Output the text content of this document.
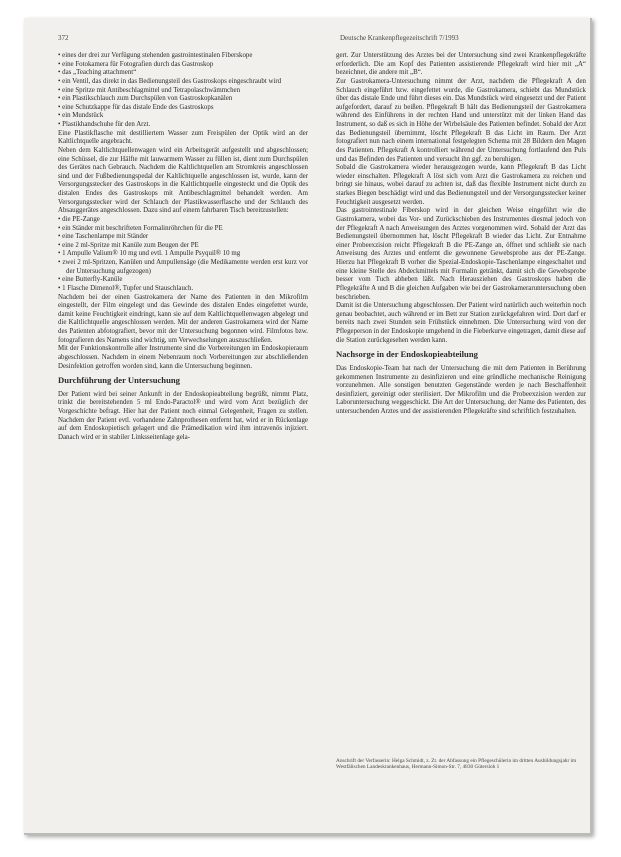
372	Deutsche Krankenpflegezeitschrift 7/1993

• eines der drei zur Verfügung stehenden gastrointestinalen Fiberskope

• eine Fotokamera für Fotografien durch das Gastroskop

• das „Teaching attachment“

• ein Ventil, das direkt in das Bedienungsteil des Gastroskops eingeschraubt wird

• eine Spritze mit Antibeschlagmittel und Tetrapolaschwämmchen

• ein Plastikschlauch zum Durchspülen von Gastroskopkanälen

• eine Schutzkappe für das distale Ende des Gastroskops

• ein Mundstück

• Plastikhandschuhe für den Arzt.

Eine Plastikflasche mit destilliertem Wasser zum Freispülen der Optik wird an der Kaltlichtquelle angebracht.

Neben dem Kaltlichtquellenwagen wird ein Arbeitsgerät aufgestellt und abgeschlossen; eine Schüssel, die zur Hälfte mit lauwarmem Wasser zu füllen ist, dient zum Durchspülen des Gerätes nach Gebrauch. Nachdem die Kaltlichtquellen am Stromkreis angeschlossen sind und der Fußbedienungspedal der Kaltlichtquelle angeschlossen ist, wurde, kann der Versorgungsstecker des Gastroskops in die Kaltlichtquelle eingesteckt und die Optik des distalen Endes des Gastroskops mit Antibeschlagmittel behandelt werden. Am Versorgungsstecker wird der Schlauch der Plastikwasserflasche und der Schlauch des Absauggerätes angeschlossen. Dazu sind auf einem fahrbaren Tisch bereitzustellen:

• die PE-Zange

• ein Ständer mit beschrifteten Formalinröhrchen für die PE

• eine Taschenlampe mit Ständer

• eine 2 ml-Spritze mit Kanüle zum Beugen der PE

• 1 Ampulle Valium® 10 mg und evtl. 1 Ampulle Psyquil® 10 mg

• zwei 2 ml-Spritzen, Kanülen und Ampullensäge (die Medikamente werden erst kurz vor der Untersuchung aufgezogen)

• eine Butterfly-Kanüle

• 1 Flasche Dimenol®, Tupfer und Stauschlauch.

Nachdem bei der einen Gastrokamera der Name des Patienten in den Mikrofilm eingestellt, der Film eingelegt und das Gewinde des distalen Endes eingefettet wurde, damit keine Feuchtigkeit eindringt, kann sie auf dem Kaltlichtquellenwagen abgelegt und die Kaltlichtquelle angeschlossen werden. Mit der anderen Gastrokamera wird der Name des Patienten abfotografiert, bevor mit der Untersuchung begonnen wird. Filmfotos bzw. fotografieren des Namens sind wichtig, um Verwechselungen auszuschließen.

Mit der Funktionskontrolle aller Instrumente sind die Vorbereitungen im Endoskopieraum abgeschlossen. Nachdem in einem Nebenraum noch Vorbereitungen zur abschließenden Desinfektion getroffen worden sind, kann die Untersuchung beginnen.

Durchführung der Untersuchung

Der Patient wird bei seiner Ankunft in der Endoskopieabteilung begrüßt, nimmt Platz, trinkt die bereitstehenden 5 ml Endo-Paractol® und wird vom Arzt bezüglich der Vorgeschichte befragt. Hier hat der Patient noch einmal Gelegenheit, Fragen zu stellen. Nachdem der Patient evtl. vorhandene Zahnprothesen entfernt hat, wird er in Rückenlage auf dem Endoskopietisch gelagert und die Prämedikation wird ihm intravenös injiziert. Danach wird er in stabiler Linksseitenlage gela-

gert. Zur Unterstützung des Arztes bei der Untersuchung sind zwei Krankenpflegekräfte erforderlich. Die am Kopf des Patienten assistierende Pflegekraft wird hier mit „A“ bezeichnet, die andere mit „B“.

Zur Gastrokamera-Untersuchung nimmt der Arzt, nachdem die Pflegekraft A den Schlauch eingeführt bzw. eingefettet wurde, die Gastrokamera, schiebt das Mundstück über das distale Ende und führt dieses ein. Das Mundstück wird eingesetzt und der Patient aufgefordert, darauf zu beißen. Pflegekraft B hält das Bedienungsteil der Gastrokamera während des Einführens in der rechten Hand und unterstützt mit der linken Hand das Instrument, so daß es sich in Höhe der Wirbelsäule des Patienten befindet. Sobald der Arzt das Bedienungsteil übernimmt, löscht Pflegekraft B das Licht im Raum. Der Arzt fotografiert nun nach einem international festgelegten Schema mit 28 Bildern den Magen des Patienten. Pflegekraft A kontrolliert während der Untersuchung fortlaufend den Puls und das Befinden des Patienten und versucht ihn ggf. zu beruhigen.

Sobald die Gastrokamera wieder herausgezogen wurde, kann Pflegekraft B das Licht wieder einschalten. Pflegekraft A löst sich vom Arzt die Gastrokamera zu reichen und bringt sie hinaus, wobei darauf zu achten ist, daß das flexible Instrument nicht durch zu starkes Biegen beschädigt wird und das Bedienungsteil und der Versorgungsstecker keiner Feuchtigkeit ausgesetzt werden.

Das gastrointestinale Fiberskop wird in der gleichen Weise eingeführt wie die Gastrokamera, wobei das Vor- und Zurückschieben des Instrumentes diesmal jedoch von der Pflegekraft A nach Anweisungen des Arztes vorgenommen wird. Sobald der Arzt das Bedienungsteil übernommen hat, löscht Pflegekraft B wieder das Licht. Zur Entnahme einer Probeexzision reicht Pflegekraft B die PE-Zange an, öffnet und schließt sie nach Anweisung des Arztes und entfernt die gewonnene Gewebsprobe aus der PE-Zange. Hierzu hat Pflegekraft B vorher die Spezial-Endoskopie-Taschenlampe eingeschaltet und eine kleine Stelle des Abdeckmittels mit Formalin getränkt, damit sich die Gewebsprobe besser vom Tuch abheben läßt. Nach Herausziehen des Gastroskops haben die Pflegekräfte A und B die gleichen Aufgaben wie bei der Gastrokameraruntersuchung oben beschrieben.

Damit ist die Untersuchung abgeschlossen. Der Patient wird natürlich auch weiterhin noch genau beobachtet, auch während er im Bett zur Station zurückgefahren wird. Dort darf er bereits nach zwei Stunden sein Frühstück einnehmen. Die Untersuchung wird von der Pflegeperson in der Endoskopie umgehend in die Fieberkurve eingetragen, damit diese auf die Station zurückgesehen werden kann.

Nachsorge in der Endoskopieabteilung

Das Endoskopie-Team hat nach der Untersuchung die mit dem Patienten in Berührung gekommenen Instrumente zu desinfizieren und eine gründliche mechanische Reinigung vorzunehmen. Alle sonstigen benutzten Gegenstände werden je nach Beschaffenheit desinfiziert, gereinigt oder sterilisiert. Der Mikrofilm und die Probeexzision werden zur Laboruntersuchung weggeschickt. Die Art der Untersuchung, der Name des Patienten, des untersuchenden Arztes und der assistierenden Pflegekräfte sind schriftlich festzuhalten.

Anschrift der Verfasserin: Helga Schmidt, z. Zt. der Abfassung ein Pflegeschülerin im dritten Ausbildungsjahr im Westfälischen Landeskrankenhaus, Hermann-Simon-Str. 7, 4830 Gütersloh 1
